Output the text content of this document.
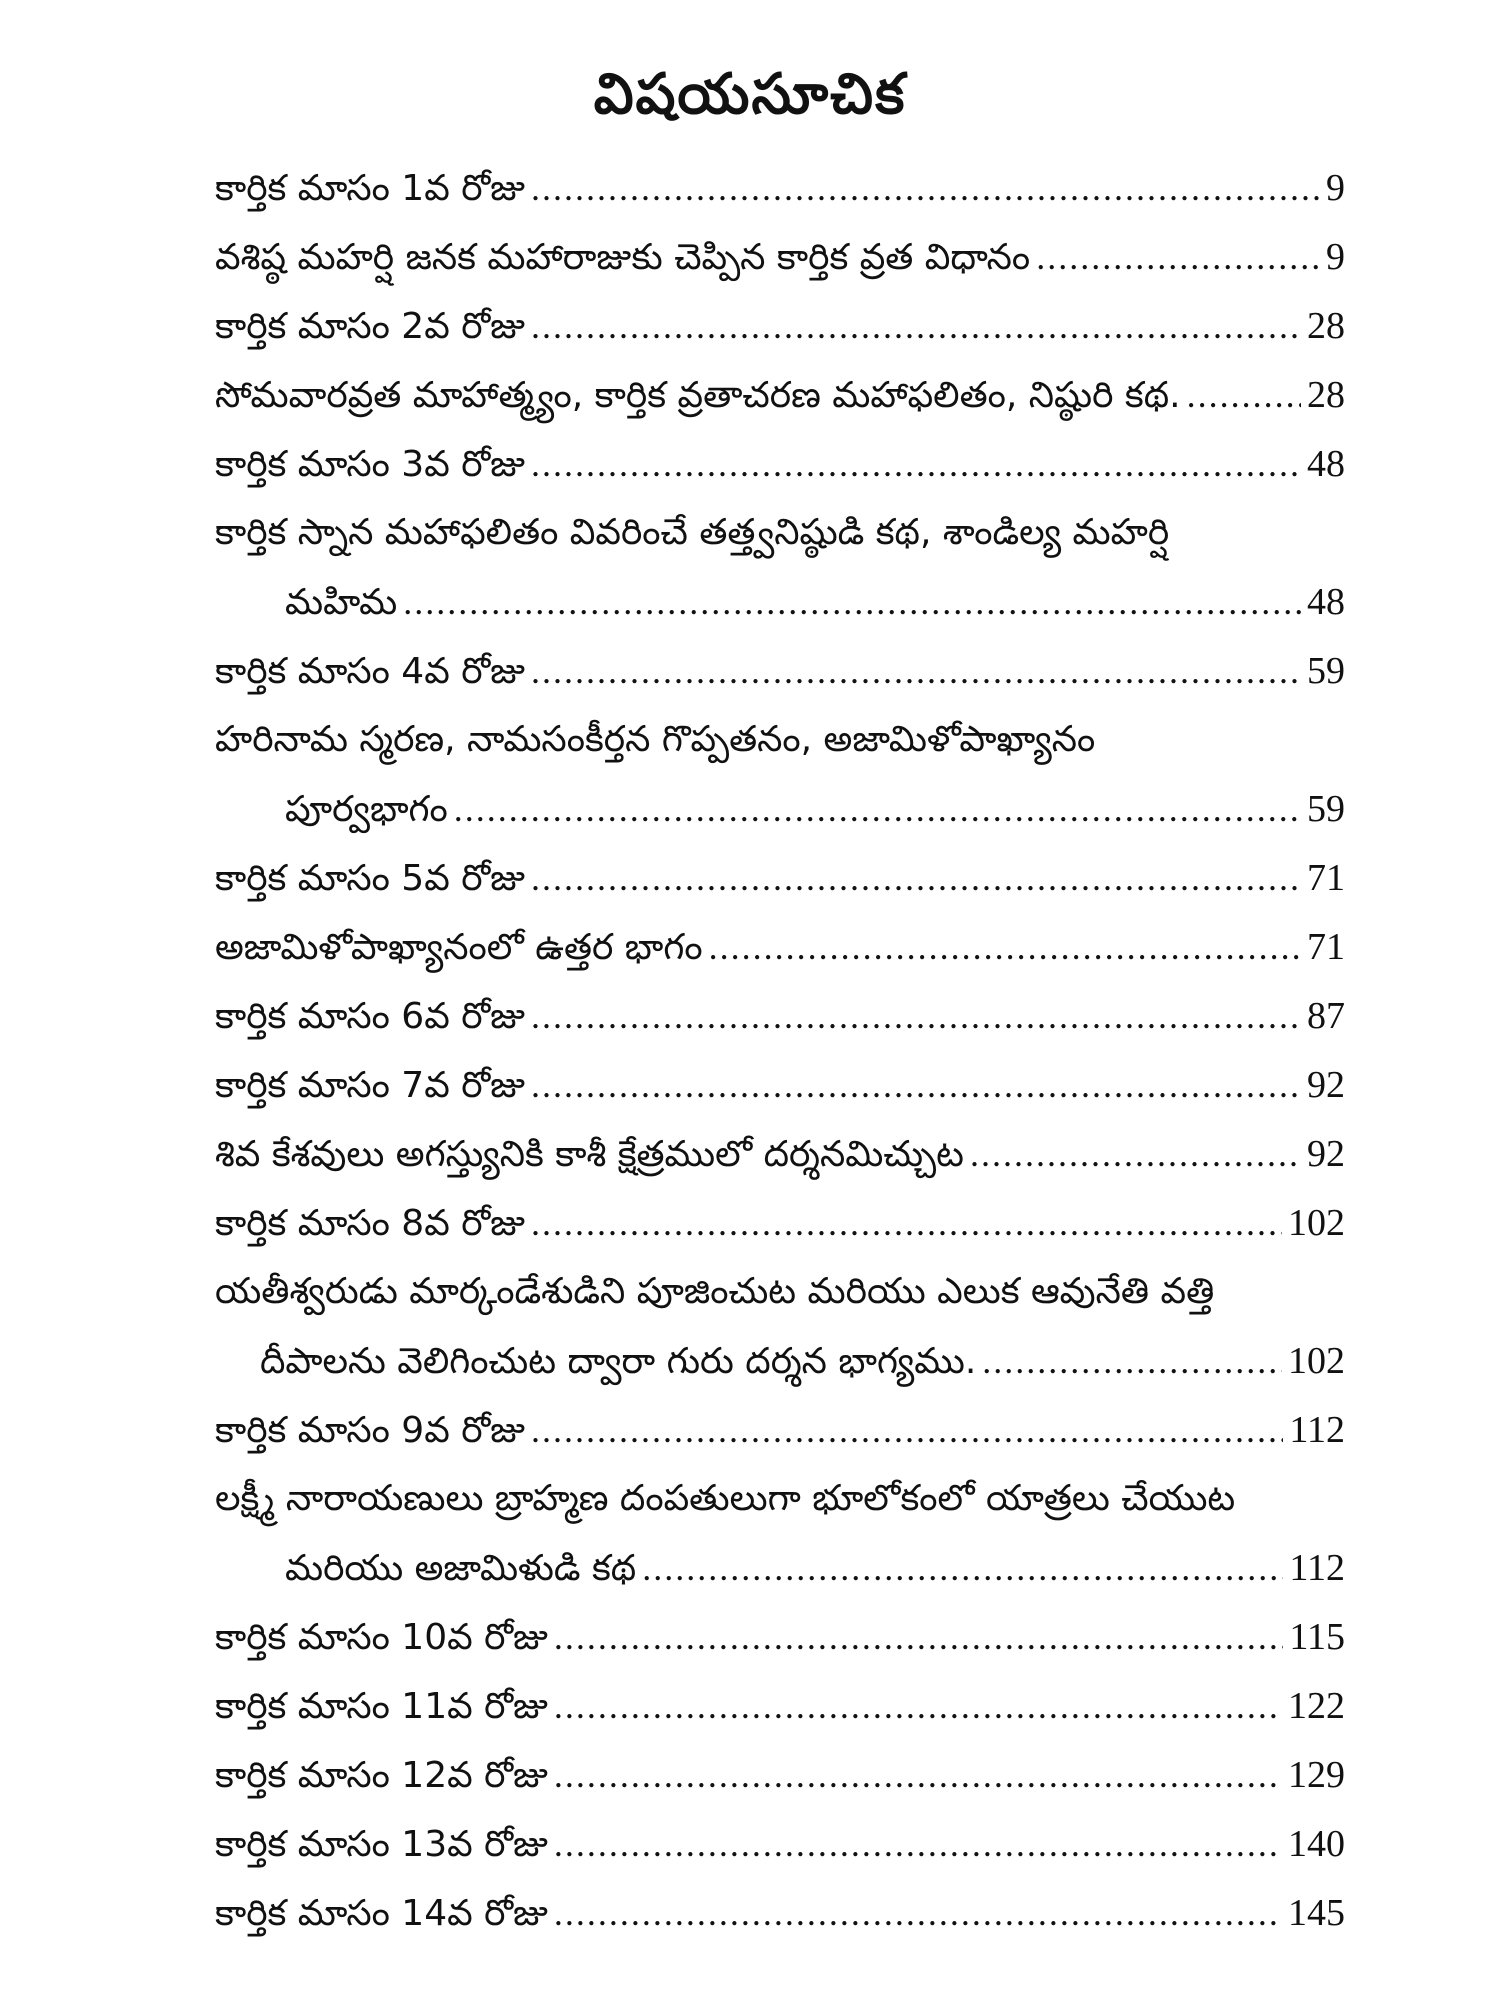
విషయసూచిక
కార్తిక మాసం 1వ రోజు .....	9
వశిష్ఠ మహర్షి జనక మహారాజుకు చెప్పిన కార్తిక వ్రత విధానం .....	9
కార్తిక మాసం 2వ రోజు .....	28
సోమవారవ్రత మాహాత్మ్యం, కార్తిక వ్రతాచరణ మహాఫలితం, నిష్ఠురి కథ. .....	28
కార్తిక మాసం 3వ రోజు .....	48
కార్తిక స్నాన మహాఫలితం వివరించే తత్త్వనిష్ఠుడి కథ, శాండిల్య మహర్షి
మహిమ .....	48
కార్తిక మాసం 4వ రోజు .....	59
హరినామ స్మరణ, నామసంకీర్తన గొప్పతనం, అజామిళోపాఖ్యానం
పూర్వభాగం .....	59
కార్తిక మాసం 5వ రోజు .....	71
అజామిళోపాఖ్యానంలో ఉత్తర భాగం .....	71
కార్తిక మాసం 6వ రోజు .....	87
కార్తిక మాసం 7వ రోజు .....	92
శివ కేశవులు అగస్త్యునికి కాశీ క్షేత్రములో దర్శనమిచ్చుట .....	92
కార్తిక మాసం 8వ రోజు .....	102
యతీశ్వరుడు మార్కండేశుడిని పూజించుట మరియు ఎలుక ఆవునేతి వత్తి
దీపాలను వెలిగించుట ద్వారా గురు దర్శన భాగ్యము. .....	102
కార్తిక మాసం 9వ రోజు .....	112
లక్ష్మీ నారాయణులు బ్రాహ్మణ దంపతులుగా భూలోకంలో యాత్రలు చేయుట
మరియు అజామిళుడి కథ .....	112
కార్తిక మాసం 10వ రోజు .....	115
కార్తిక మాసం 11వ రోజు .....	122
కార్తిక మాసం 12వ రోజు .....	129
కార్తిక మాసం 13వ రోజు .....	140
కార్తిక మాసం 14వ రోజు .....	145
